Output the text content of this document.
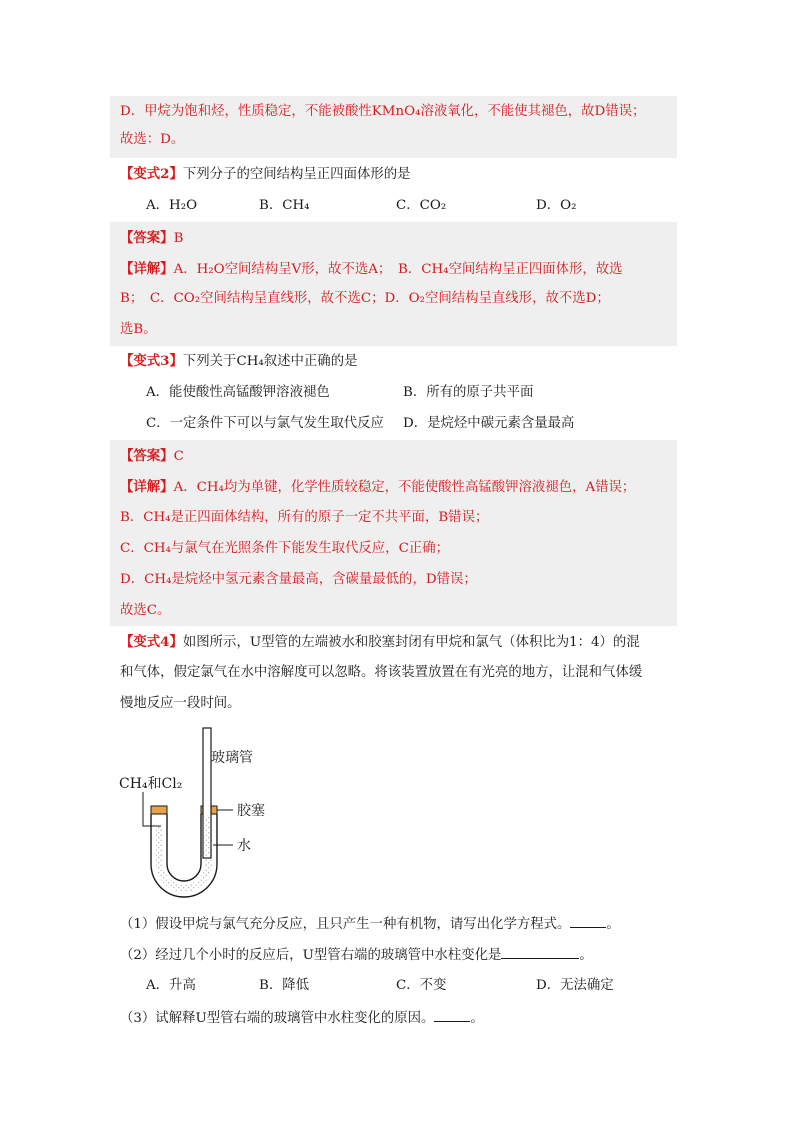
D．甲烷为饱和烃，性质稳定，不能被酸性KMnO₄溶液氧化，不能使其褪色，故D错误；
故选：D。
【变式2】下列分子的空间结构呈正四面体形的是
A．H₂O	B．CH₄	C．CO₂	D．O₂
【答案】B
【详解】A．H₂O空间结构呈V形，故不选A；　B．CH₄空间结构呈正四面体形，故选
B；　C．CO₂空间结构呈直线形，故不选C；D．O₂空间结构呈直线形，故不选D；
选B。
【变式3】下列关于CH₄叙述中正确的是
A．能使酸性高锰酸钾溶液褪色	B．所有的原子共平面
C．一定条件下可以与氯气发生取代反应 D．是烷烃中碳元素含量最高
【答案】C
【详解】A．CH₄均为单键，化学性质较稳定，不能使酸性高锰酸钾溶液褪色，A错误；
B．CH₄是正四面体结构，所有的原子一定不共平面，B错误；
C．CH₄与氯气在光照条件下能发生取代反应，C正确；
D．CH₄是烷烃中氢元素含量最高，含碳量最低的，D错误；
故选C。
【变式4】如图所示，U型管的左端被水和胶塞封闭有甲烷和氯气（体积比为1：4）的混
和气体，假定氯气在水中溶解度可以忽略。将该装置放置在有光亮的地方，让混和气体缓
慢地反应一段时间。
玻璃管
CH₄和Cl₂
胶塞
水
（1）假设甲烷与氯气充分反应，且只产生一种有机物，请写出化学方程式。	。
（2）经过几个小时的反应后，U型管右端的玻璃管中水柱变化是	。
A．升高	B．降低	C．不变	D．无法确定
（3）试解释U型管右端的玻璃管中水柱变化的原因。	。
